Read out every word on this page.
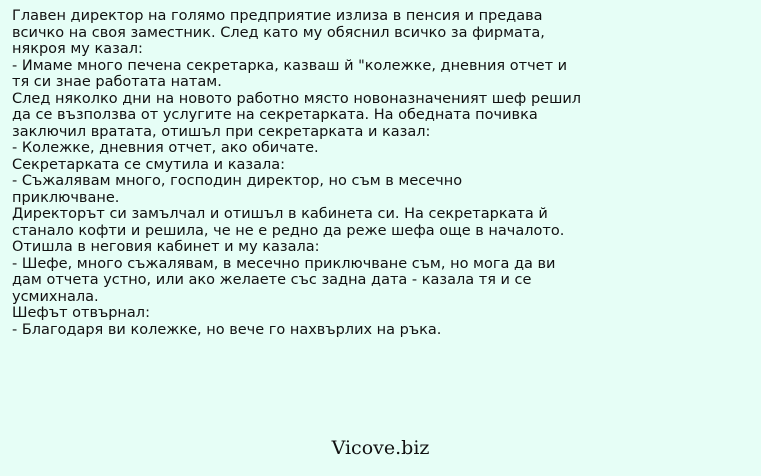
Главен директор на голямо предприятие излиза в пенсия и предава
всичко на своя заместник. След като му обяснил всичко за фирмата,
някроя му казал:
- Имаме много печена секретарка, казваш й "колежке, дневния отчет и
тя си знае работата натам.
След няколко дни на новото работно място новоназначеният шеф решил
да се възползва от услугите на секретарката. На обедната почивка
заключил вратата, отишъл при секретарката и казал:
- Колежке, дневния отчет, ако обичате.
Секретарката се смутила и казала:
- Съжалявам много, господин директор, но съм в месечно
приключване.
Директорът си замълчал и отишъл в кабинета си. На секретарката й
станало кофти и решила, че не е редно да реже шефа още в началото.
Отишла в неговия кабинет и му казала:
- Шефе, много съжалявам, в месечно приключване съм, но мога да ви
дам отчета устно, или ако желаете със задна дата - казала тя и се
усмихнала.
Шефът отвърнал:
- Благодаря ви колежке, но вече го нахвърлих на ръка.
Vicove.biz
